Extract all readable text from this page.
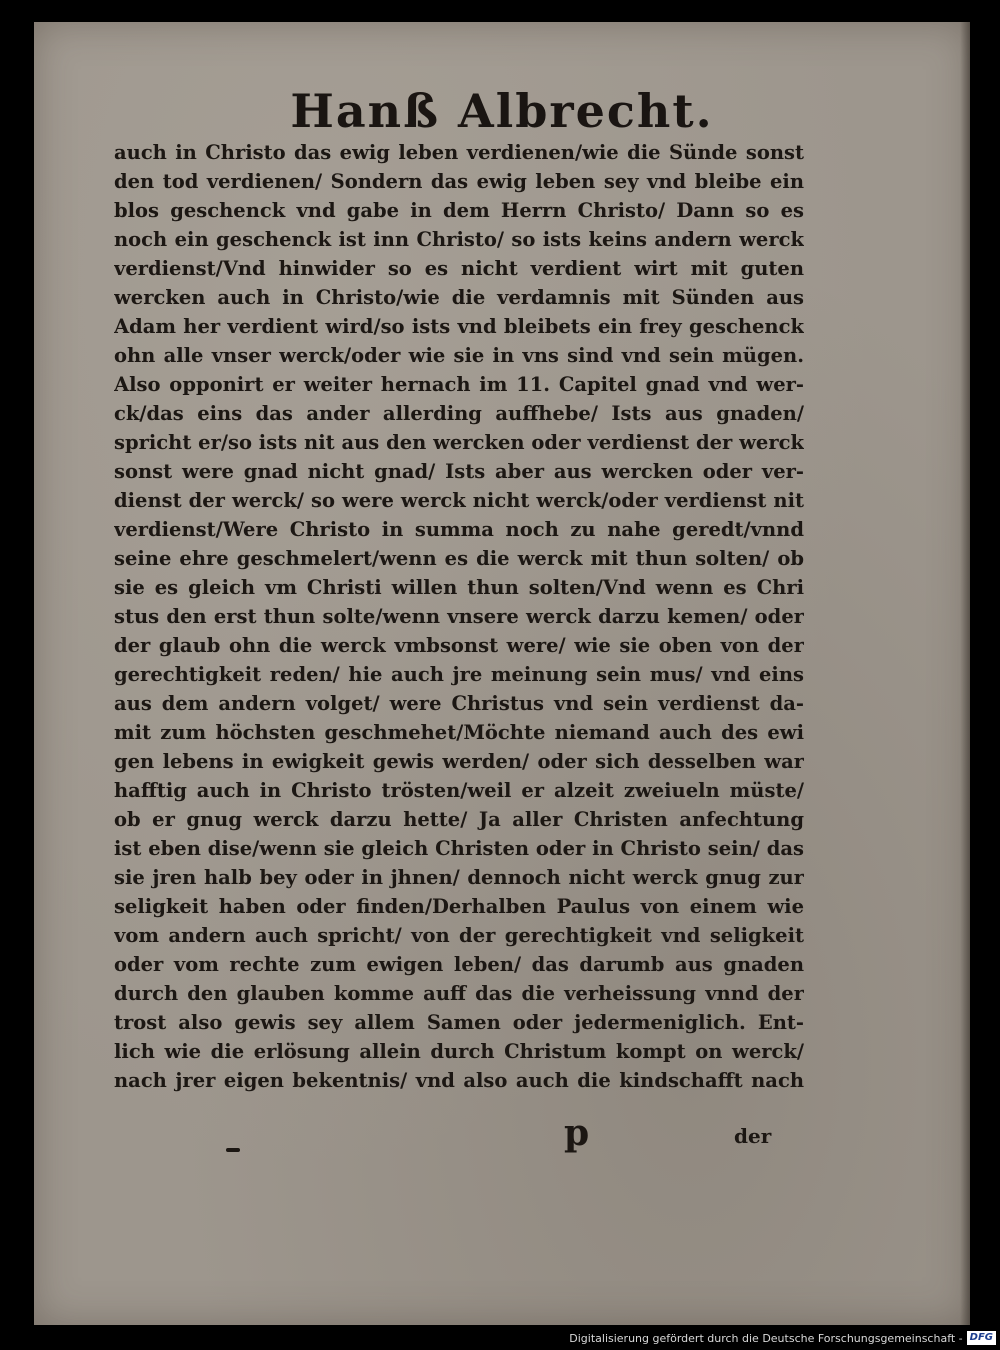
Hanß Albrecht.
auch in Christo das ewig leben verdienen/wie die Sünde sonst
den tod verdienen/ Sondern das ewig leben sey vnd bleibe ein
blos geschenck vnd gabe in dem Herrn Christo/ Dann so es
noch ein geschenck ist inn Christo/ so ists keins andern werck
verdienst/Vnd hinwider so es nicht verdient wirt mit guten
wercken auch in Christo/wie die verdamnis mit Sünden aus
Adam her verdient wird/so ists vnd bleibets ein frey geschenck
ohn alle vnser werck/oder wie sie in vns sind vnd sein mügen.
Also opponirt er weiter hernach im 11. Capitel gnad vnd wer-
ck/das eins das ander allerding auffhebe/ Ists aus gnaden/
spricht er/so ists nit aus den wercken oder verdienst der werck
sonst were gnad nicht gnad/ Ists aber aus wercken oder ver-
dienst der werck/ so were werck nicht werck/oder verdienst nit
verdienst/Were Christo in summa noch zu nahe geredt/vnnd
seine ehre geschmelert/wenn es die werck mit thun solten/ ob
sie es gleich vm Christi willen thun solten/Vnd wenn es Chri
stus den erst thun solte/wenn vnsere werck darzu kemen/ oder
der glaub ohn die werck vmbsonst were/ wie sie oben von der
gerechtigkeit reden/ hie auch jre meinung sein mus/ vnd eins
aus dem andern volget/ were Christus vnd sein verdienst da-
mit zum höchsten geschmehet/Möchte niemand auch des ewi
gen lebens in ewigkeit gewis werden/ oder sich desselben war
hafftig auch in Christo trösten/weil er alzeit zweiueln müste/
ob er gnug werck darzu hette/ Ja aller Christen anfechtung
ist eben dise/wenn sie gleich Christen oder in Christo sein/ das
sie jren halb bey oder in jhnen/ dennoch nicht werck gnug zur
seligkeit haben oder finden/Derhalben Paulus von einem wie
vom andern auch spricht/ von der gerechtigkeit vnd seligkeit
oder vom rechte zum ewigen leben/ das darumb aus gnaden
durch den glauben komme auff das die verheissung vnnd der
trost also gewis sey allem Samen oder jedermeniglich. Ent-
lich wie die erlösung allein durch Christum kompt on werck/
nach jrer eigen bekentnis/ vnd also auch die kindschafft nach
p	der
Digitalisierung gefördert durch die Deutsche Forschungsgemeinschaft - DFG
